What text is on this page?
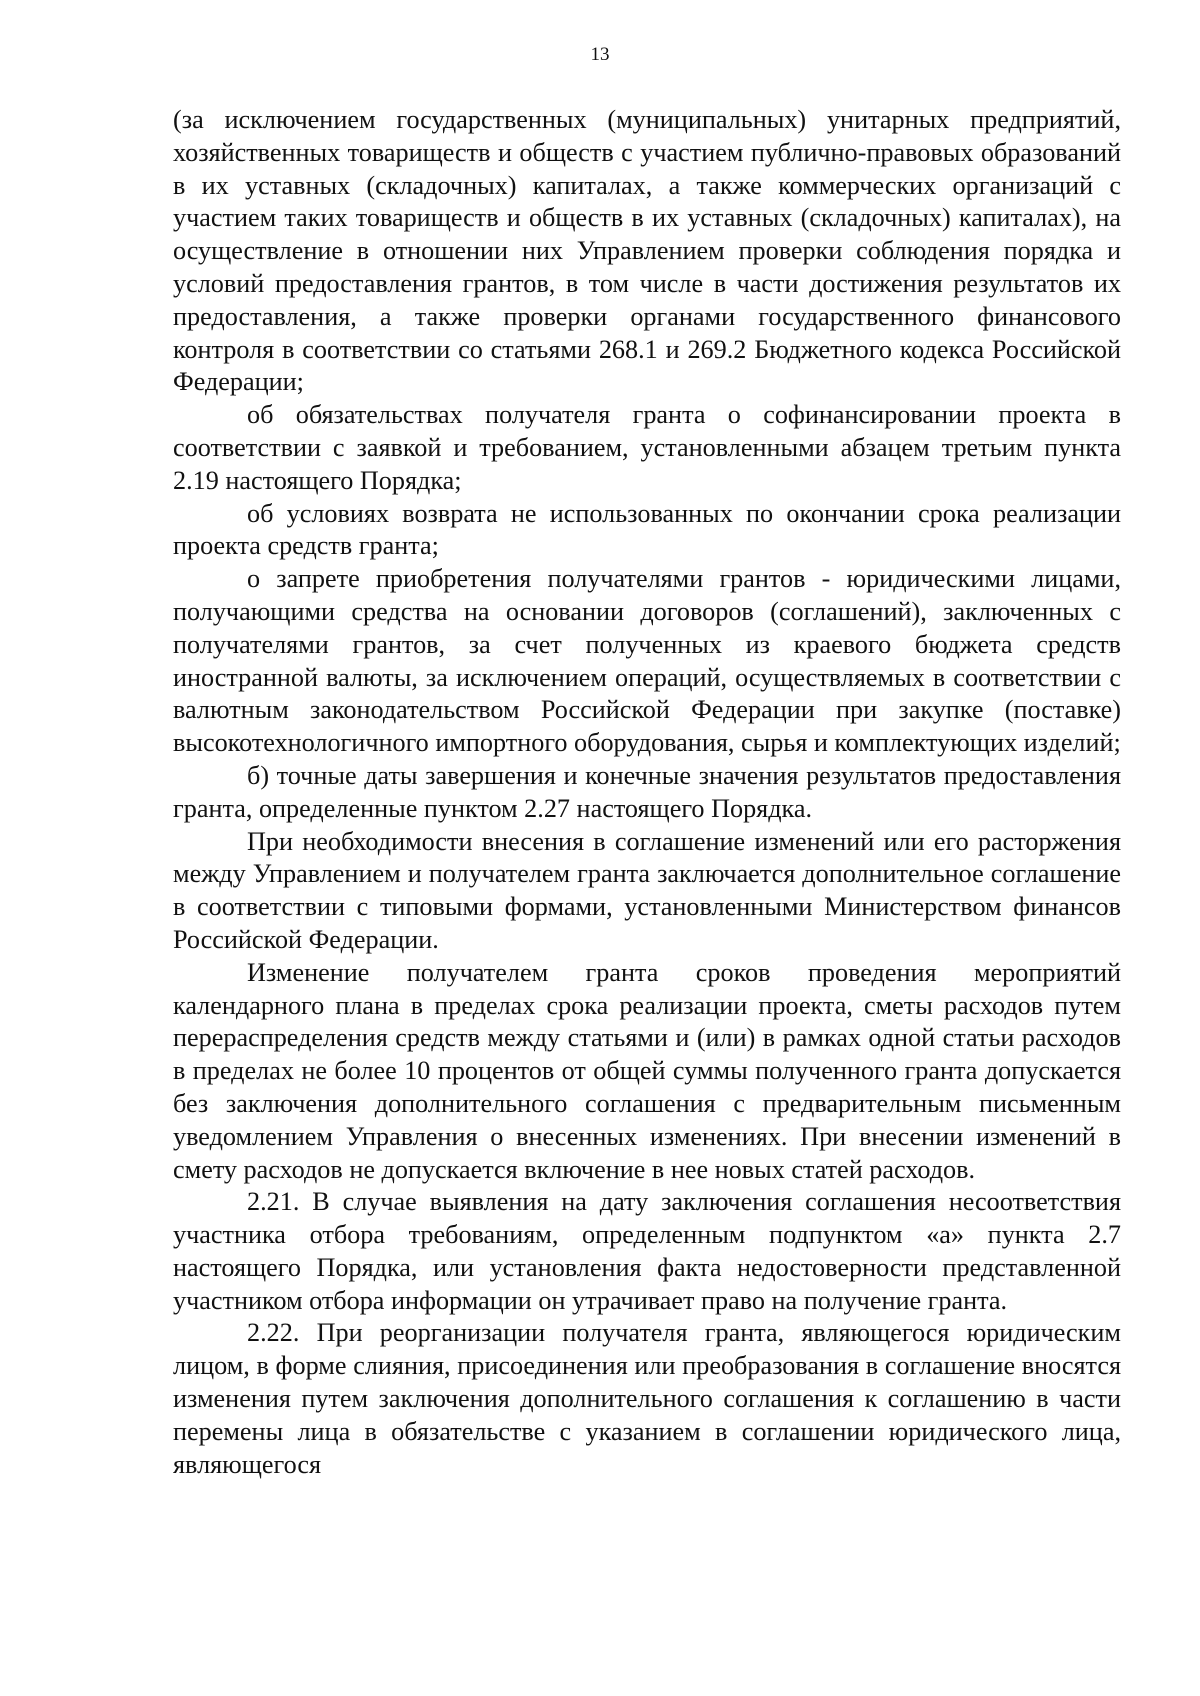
13

(за исключением государственных (муниципальных) унитарных предприятий, хозяйственных товариществ и обществ с участием публично-правовых образований в их уставных (складочных) капиталах, а также коммерческих организаций с участием таких товариществ и обществ в их уставных (складочных) капиталах), на осуществление в отношении них Управлением проверки соблюдения порядка и условий предоставления грантов, в том числе в части достижения результатов их предоставления, а также проверки органами государственного финансового контроля в соответствии со статьями 268.1 и 269.2 Бюджетного кодекса Российской Федерации;

об обязательствах получателя гранта о софинансировании проекта в соответствии с заявкой и требованием, установленными абзацем третьим пункта 2.19 настоящего Порядка;

об условиях возврата не использованных по окончании срока реализации проекта средств гранта;

о запрете приобретения получателями грантов - юридическими лицами, получающими средства на основании договоров (соглашений), заключенных с получателями грантов, за счет полученных из краевого бюджета средств иностранной валюты, за исключением операций, осуществляемых в соответствии с валютным законодательством Российской Федерации при закупке (поставке) высокотехнологичного импортного оборудования, сырья и комплектующих изделий;

б) точные даты завершения и конечные значения результатов предоставления гранта, определенные пунктом 2.27 настоящего Порядка.

При необходимости внесения в соглашение изменений или его расторжения между Управлением и получателем гранта заключается дополнительное соглашение в соответствии с типовыми формами, установленными Министерством финансов Российской Федерации.

Изменение получателем гранта сроков проведения мероприятий календарного плана в пределах срока реализации проекта, сметы расходов путем перераспределения средств между статьями и (или) в рамках одной статьи расходов в пределах не более 10 процентов от общей суммы полученного гранта допускается без заключения дополнительного соглашения с предварительным письменным уведомлением Управления о внесенных изменениях. При внесении изменений в смету расходов не допускается включение в нее новых статей расходов.

2.21. В случае выявления на дату заключения соглашения несоответствия участника отбора требованиям, определенным подпунктом «а» пункта 2.7 настоящего Порядка, или установления факта недостоверности представленной участником отбора информации он утрачивает право на получение гранта.

2.22. При реорганизации получателя гранта, являющегося юридическим лицом, в форме слияния, присоединения или преобразования в соглашение вносятся изменения путем заключения дополнительного соглашения к соглашению в части перемены лица в обязательстве с указанием в соглашении юридического лица, являющегося
